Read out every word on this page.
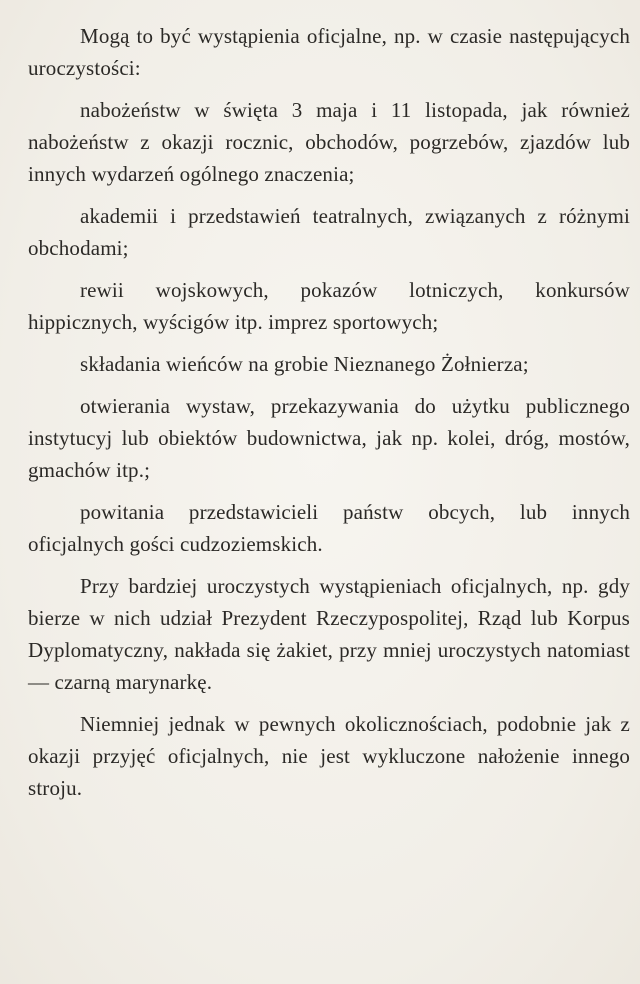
Mogą to być wystąpienia oficjalne, np. w czasie następujących uroczystości:

nabożeństw w święta 3 maja i 11 listopada, jak również nabożeństw z okazji rocznic, obchodów, pogrzebów, zjazdów lub innych wydarzeń ogólnego znaczenia;

akademii i przedstawień teatralnych, związanych z różnymi obchodami;

rewii wojskowych, pokazów lotniczych, konkursów hippicznych, wyścigów itp. imprez sportowych;

składania wieńców na grobie Nieznanego Żołnierza;

otwierania wystaw, przekazywania do użytku publicznego instytucyj lub obiektów budownictwa, jak np. kolei, dróg, mostów, gmachów itp.;

powitania przedstawicieli państw obcych, lub innych oficjalnych gości cudzoziemskich.

Przy bardziej uroczystych wystąpieniach oficjalnych, np. gdy bierze w nich udział Prezydent Rzeczypospolitej, Rząd lub Korpus Dyplomatyczny, nakłada się żakiet, przy mniej uroczystych natomiast — czarną marynarkę.

Niemniej jednak w pewnych okolicznościach, podobnie jak z okazji przyjęć oficjalnych, nie jest wykluczone nałożenie innego stroju.
